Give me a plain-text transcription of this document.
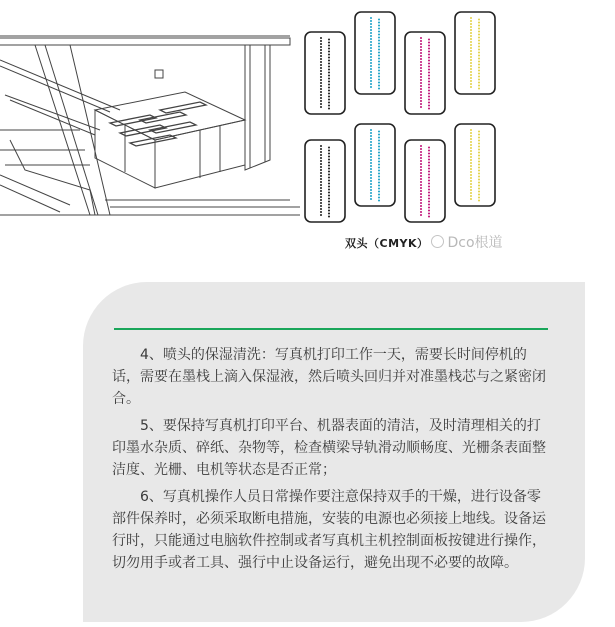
双头（CMYK） Dco根道

4、喷头的保湿清洗：写真机打印工作一天，需要长时间停机的话，需要在墨栈上滴入保湿液，然后喷头回归并对准墨栈芯与之紧密闭合。

5、要保持写真机打印平台、机器表面的清洁，及时清理相关的打印墨水杂质、碎纸、杂物等，检查横梁导轨滑动顺畅度、光栅条表面整洁度、光栅、电机等状态是否正常；

6、写真机操作人员日常操作要注意保持双手的干燥，进行设备零部件保养时，必须采取断电措施，安装的电源也必须接上地线。设备运行时，只能通过电脑软件控制或者写真机主机控制面板按键进行操作，切勿用手或者工具、强行中止设备运行，避免出现不必要的故障。
